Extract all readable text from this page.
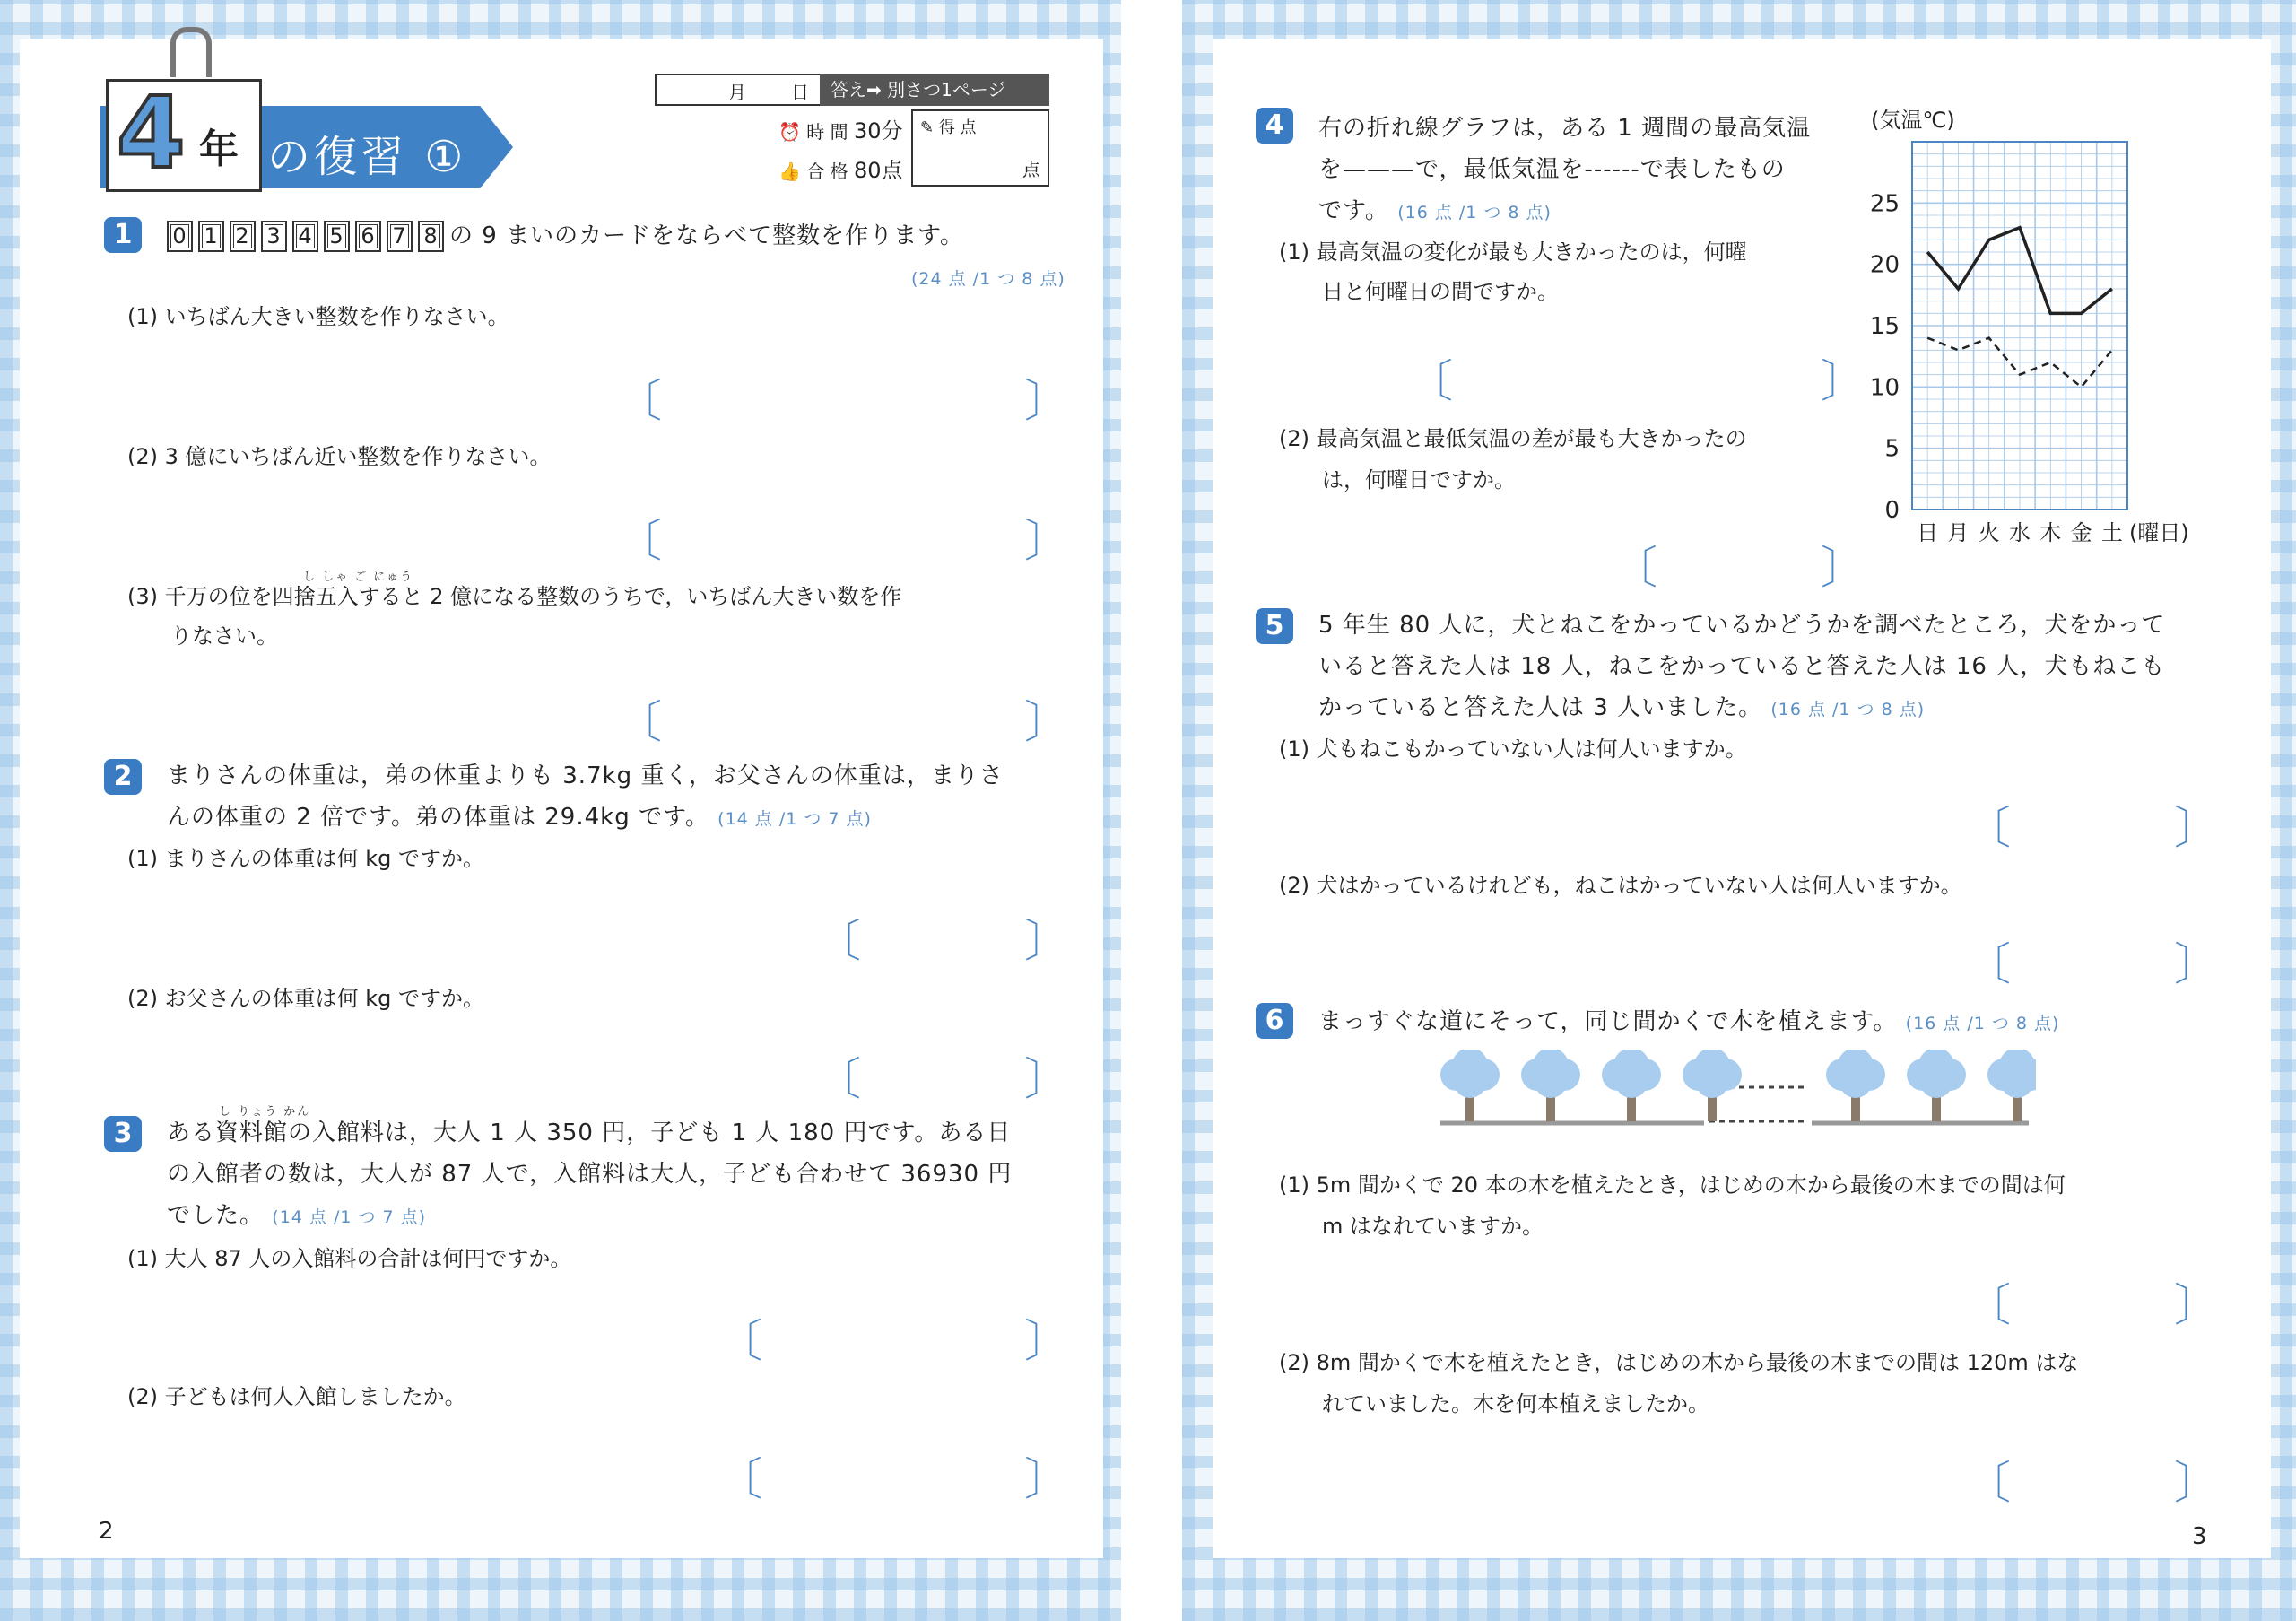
4 年 の復習 ①
月	日	答え➡ 別さつ1ページ
⏰ 時 間 30分
👍 合 格 80点
✎ 得 点
点
1	0 1 2 3 4 5 6 7 8 の 9 まいのカードをならべて整数を作ります。
(24 点 /1 つ 8 点)
(1) いちばん大きい整数を作りなさい。
〔	〕
(2) 3 億にいちばん近い整数を作りなさい。
〔	〕
し しゃ ご にゅう
(3) 千万の位を四捨五入すると 2 億になる整数のうちで，いちばん大きい数を作
りなさい。
〔	〕
2	まりさんの体重は，弟の体重よりも 3.7kg 重く，お父さんの体重は，まりさ
んの体重の 2 倍です。弟の体重は 29.4kg です。 (14 点 /1 つ 7 点)
(1) まりさんの体重は何 kg ですか。
〔	〕
(2) お父さんの体重は何 kg ですか。
〔	〕
3
し りょう かん
ある資料館の入館料は，大人 1 人 350 円，子ども 1 人 180 円です。ある日
の入館者の数は，大人が 87 人で，入館料は大人，子ども合わせて 36930 円
でした。 (14 点 /1 つ 7 点)
(1) 大人 87 人の入館料の合計は何円ですか。
〔	〕
(2) 子どもは何人入館しましたか。
〔	〕
2
4	右の折れ線グラフは，ある 1 週間の最高気温
を———で，最低気温を------で表したもの
です。 (16 点 /1 つ 8 点)
(1) 最高気温の変化が最も大きかったのは，何曜
日と何曜日の間ですか。
〔	〕
(2) 最高気温と最低気温の差が最も大きかったの
は，何曜日ですか。
〔	〕
0
5
10
15
20
25
日 月 火 水 木 金 土 (曜日)
(気温℃)
5	5 年生 80 人に，犬とねこをかっているかどうかを調べたところ，犬をかって
いると答えた人は 18 人，ねこをかっていると答えた人は 16 人，犬もねこも
かっていると答えた人は 3 人いました。 (16 点 /1 つ 8 点)
(1) 犬もねこもかっていない人は何人いますか。
〔	〕
(2) 犬はかっているけれども，ねこはかっていない人は何人いますか。
〔	〕
6	まっすぐな道にそって，同じ間かくで木を植えます。 (16 点 /1 つ 8 点)
(1) 5m 間かくで 20 本の木を植えたとき，はじめの木から最後の木までの間は何
m はなれていますか。
〔	〕
(2) 8m 間かくで木を植えたとき，はじめの木から最後の木までの間は 120m はな
れていました。木を何本植えましたか。
〔	〕
3
